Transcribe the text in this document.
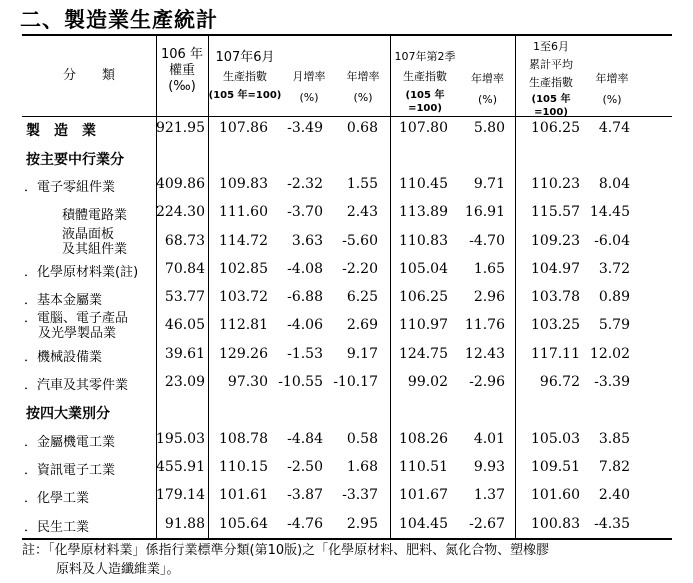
二、製造業生產統計
分　　類
106 年
權重
(‰)
107年6月
生產指數
(105 年=100)
月增率
(%)
年增率
(%)
107年第2季
生產指數
(105 年=100)
年增率
(%)
1至6月
累計平均
生產指數
(105 年=100)
年增率
(%)
製　造　業	921.95	107.86	-3.49	0.68	107.80	5.80	106.25	4.74
按主要中行業分
．電子零組件業	409.86	109.83	-2.32	1.55	110.45	9.71	110.23	8.04
積體電路業	224.30	111.60	-3.70	2.43	113.89	16.91	115.57 14.45
液晶面板
及其組件業
68.73	114.72	3.63	-5.60	110.83	-4.70	109.23	-6.04
．化學原材料業(註)	70.84	102.85	-4.08	-2.20	105.04	1.65	104.97	3.72
．基本金屬業	53.77	103.72	-6.88	6.25	106.25	2.96	103.78	0.89
．電腦、電子產品
及光學製品業
46.05	112.81	-4.06	2.69	110.97	11.76	103.25	5.79
．機械設備業	39.61	129.26	-1.53	9.17	124.75	12.43	117.11 12.02
．汽車及其零件業	23.09	97.30 -10.55 -10.17	99.02	-2.96	96.72	-3.39
按四大業別分
．金屬機電工業	195.03	108.78	-4.84	0.58	108.26	4.01	105.03	3.85
．資訊電子工業	455.91	110.15	-2.50	1.68	110.51	9.93	109.51	7.82
．化學工業	179.14	101.61	-3.87	-3.37	101.67	1.37	101.60	2.40
．民生工業	91.88	105.64	-4.76	2.95	104.45	-2.67	100.83	-4.35
註：「化學原材料業」係指行業標準分類(第10版)之「化學原材料、肥料、氮化合物、塑橡膠
原料及人造纖維業」。
